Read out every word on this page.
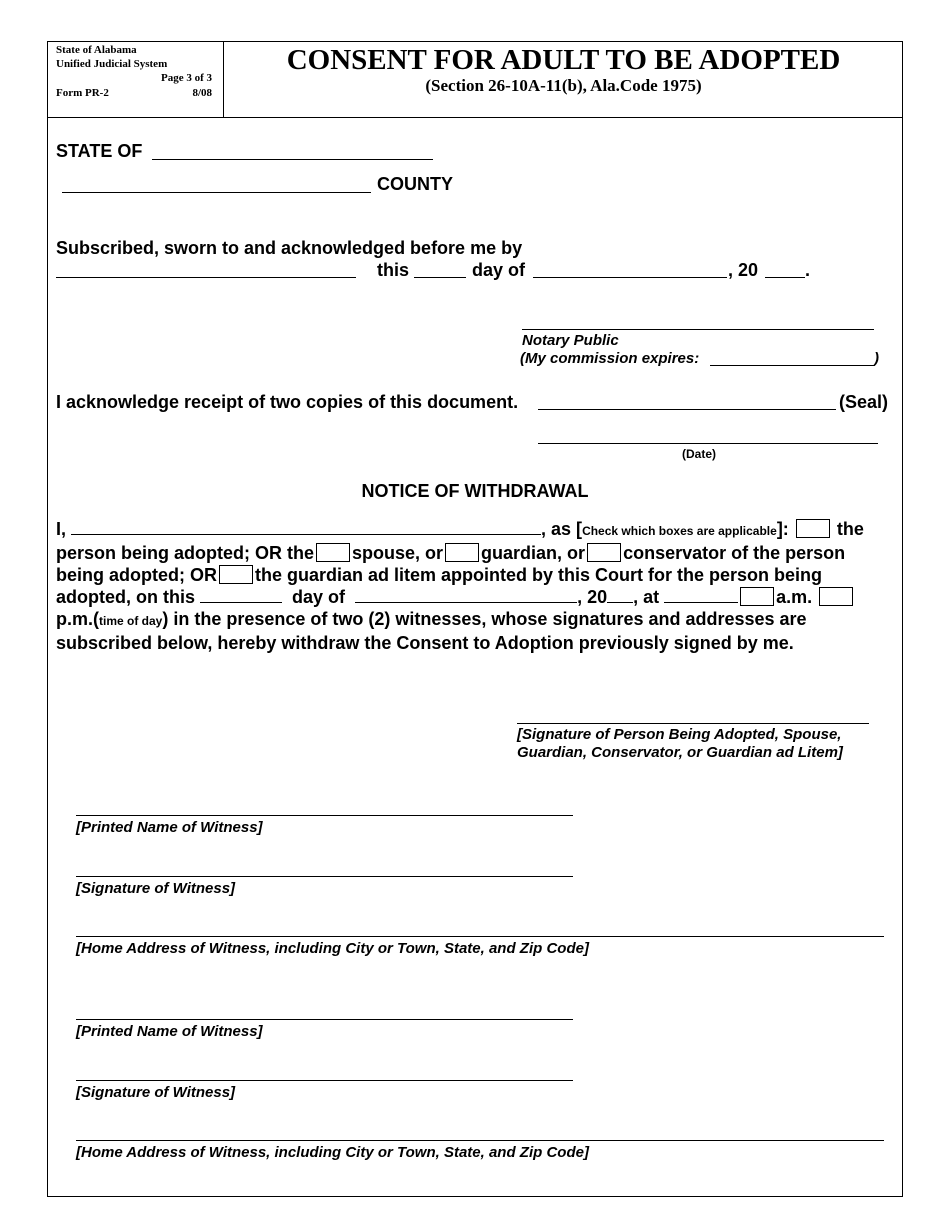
State of Alabama
Unified Judicial System
Page 3 of 3
Form PR-2	8/08
CONSENT FOR ADULT TO BE ADOPTED
(Section 26-10A-11(b), Ala.Code 1975)
STATE OF
COUNTY
Subscribed, sworn to and acknowledged before me by
this	day of	, 20	.
Notary Public
(My commission expires:	)
I acknowledge receipt of two copies of this document.	(Seal)
(Date)
NOTICE OF WITHDRAWAL
I,	, as [Check which boxes are applicable]:	the
person being adopted; OR the spouse, or guardian, or conservator of the person
being adopted; OR the guardian ad litem appointed by this Court for the person being
adopted, on this	day of	, 20 , at	a.m.
p.m.(time of day) in the presence of two (2) witnesses, whose signatures and addresses are
subscribed below, hereby withdraw the Consent to Adoption previously signed by me.
[Signature of Person Being Adopted, Spouse,
Guardian, Conservator, or Guardian ad Litem]
[Printed Name of Witness]
[Signature of Witness]
[Home Address of Witness, including City or Town, State, and Zip Code]
[Printed Name of Witness]
[Signature of Witness]
[Home Address of Witness, including City or Town, State, and Zip Code]
